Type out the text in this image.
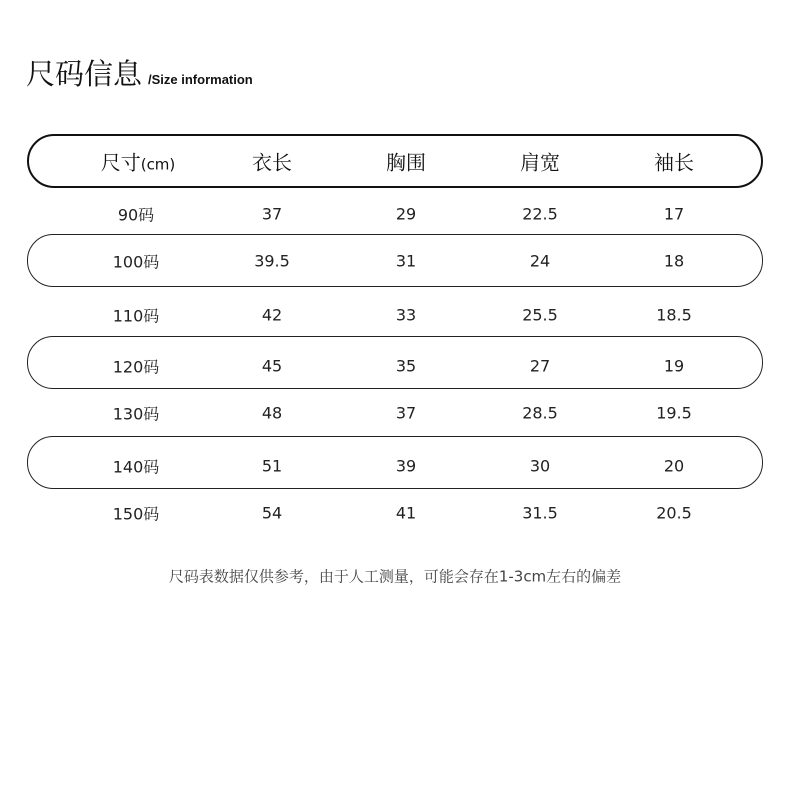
尺码信息 /Size information
尺寸(cm)	衣长	胸围	肩宽	袖长
90码	37	29	22.5	17
100码	39.5	31	24	18
110码	42	33	25.5	18.5
120码	45	35	27	19
130码	48	37	28.5	19.5
140码	51	39	30	20
150码	54	41	31.5	20.5
尺码表数据仅供参考，由于人工测量，可能会存在1-3cm左右的偏差
